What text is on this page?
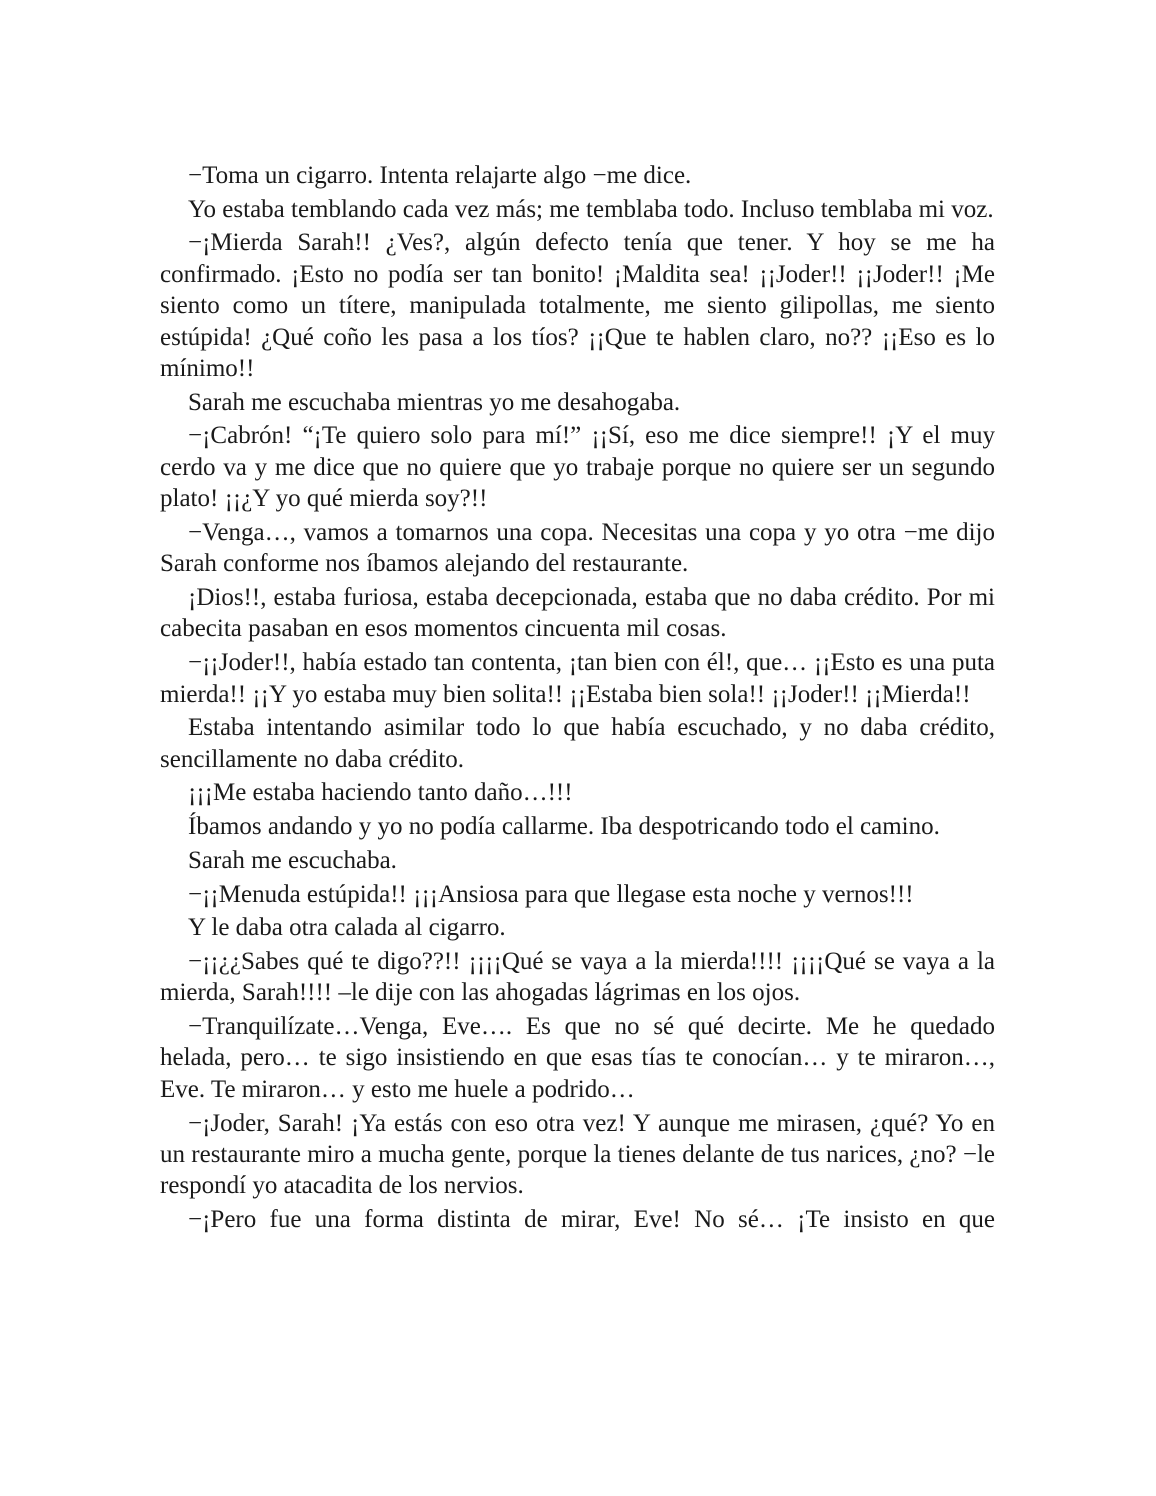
−Toma un cigarro. Intenta relajarte algo −me dice.

Yo estaba temblando cada vez más; me temblaba todo. Incluso temblaba mi voz.

−¡Mierda Sarah!! ¿Ves?, algún defecto tenía que tener. Y hoy se me ha confirmado. ¡Esto no podía ser tan bonito! ¡Maldita sea! ¡¡Joder!! ¡¡Joder!! ¡Me siento como un títere, manipulada totalmente, me siento gilipollas, me siento estúpida! ¿Qué coño les pasa a los tíos? ¡¡Que te hablen claro, no?? ¡¡Eso es lo mínimo!!

Sarah me escuchaba mientras yo me desahogaba.

−¡Cabrón! “¡Te quiero solo para mí!” ¡¡Sí, eso me dice siempre!! ¡Y el muy cerdo va y me dice que no quiere que yo trabaje porque no quiere ser un segundo plato! ¡¡¿Y yo qué mierda soy?!!

−Venga…, vamos a tomarnos una copa. Necesitas una copa y yo otra −me dijo Sarah conforme nos íbamos alejando del restaurante.

¡Dios!!, estaba furiosa, estaba decepcionada, estaba que no daba crédito. Por mi cabecita pasaban en esos momentos cincuenta mil cosas.

−¡¡Joder!!, había estado tan contenta, ¡tan bien con él!, que… ¡¡Esto es una puta mierda!! ¡¡Y yo estaba muy bien solita!! ¡¡Estaba bien sola!! ¡¡Joder!! ¡¡Mierda!!

Estaba intentando asimilar todo lo que había escuchado, y no daba crédito, sencillamente no daba crédito.

¡¡¡Me estaba haciendo tanto daño…!!!

Íbamos andando y yo no podía callarme. Iba despotricando todo el camino.

Sarah me escuchaba.

−¡¡Menuda estúpida!! ¡¡¡Ansiosa para que llegase esta noche y vernos!!!

Y le daba otra calada al cigarro.

−¡¡¿¿Sabes qué te digo??!! ¡¡¡¡Qué se vaya a la mierda!!!! ¡¡¡¡Qué se vaya a la mierda, Sarah!!!! –le dije con las ahogadas lágrimas en los ojos.

−Tranquilízate…Venga, Eve…. Es que no sé qué decirte. Me he quedado helada, pero… te sigo insistiendo en que esas tías te conocían… y te miraron…, Eve. Te miraron… y esto me huele a podrido…

−¡Joder, Sarah! ¡Ya estás con eso otra vez! Y aunque me mirasen, ¿qué? Yo en un restaurante miro a mucha gente, porque la tienes delante de tus narices, ¿no? −le respondí yo atacadita de los nervios.

−¡Pero fue una forma distinta de mirar, Eve! No sé… ¡Te insisto en que
